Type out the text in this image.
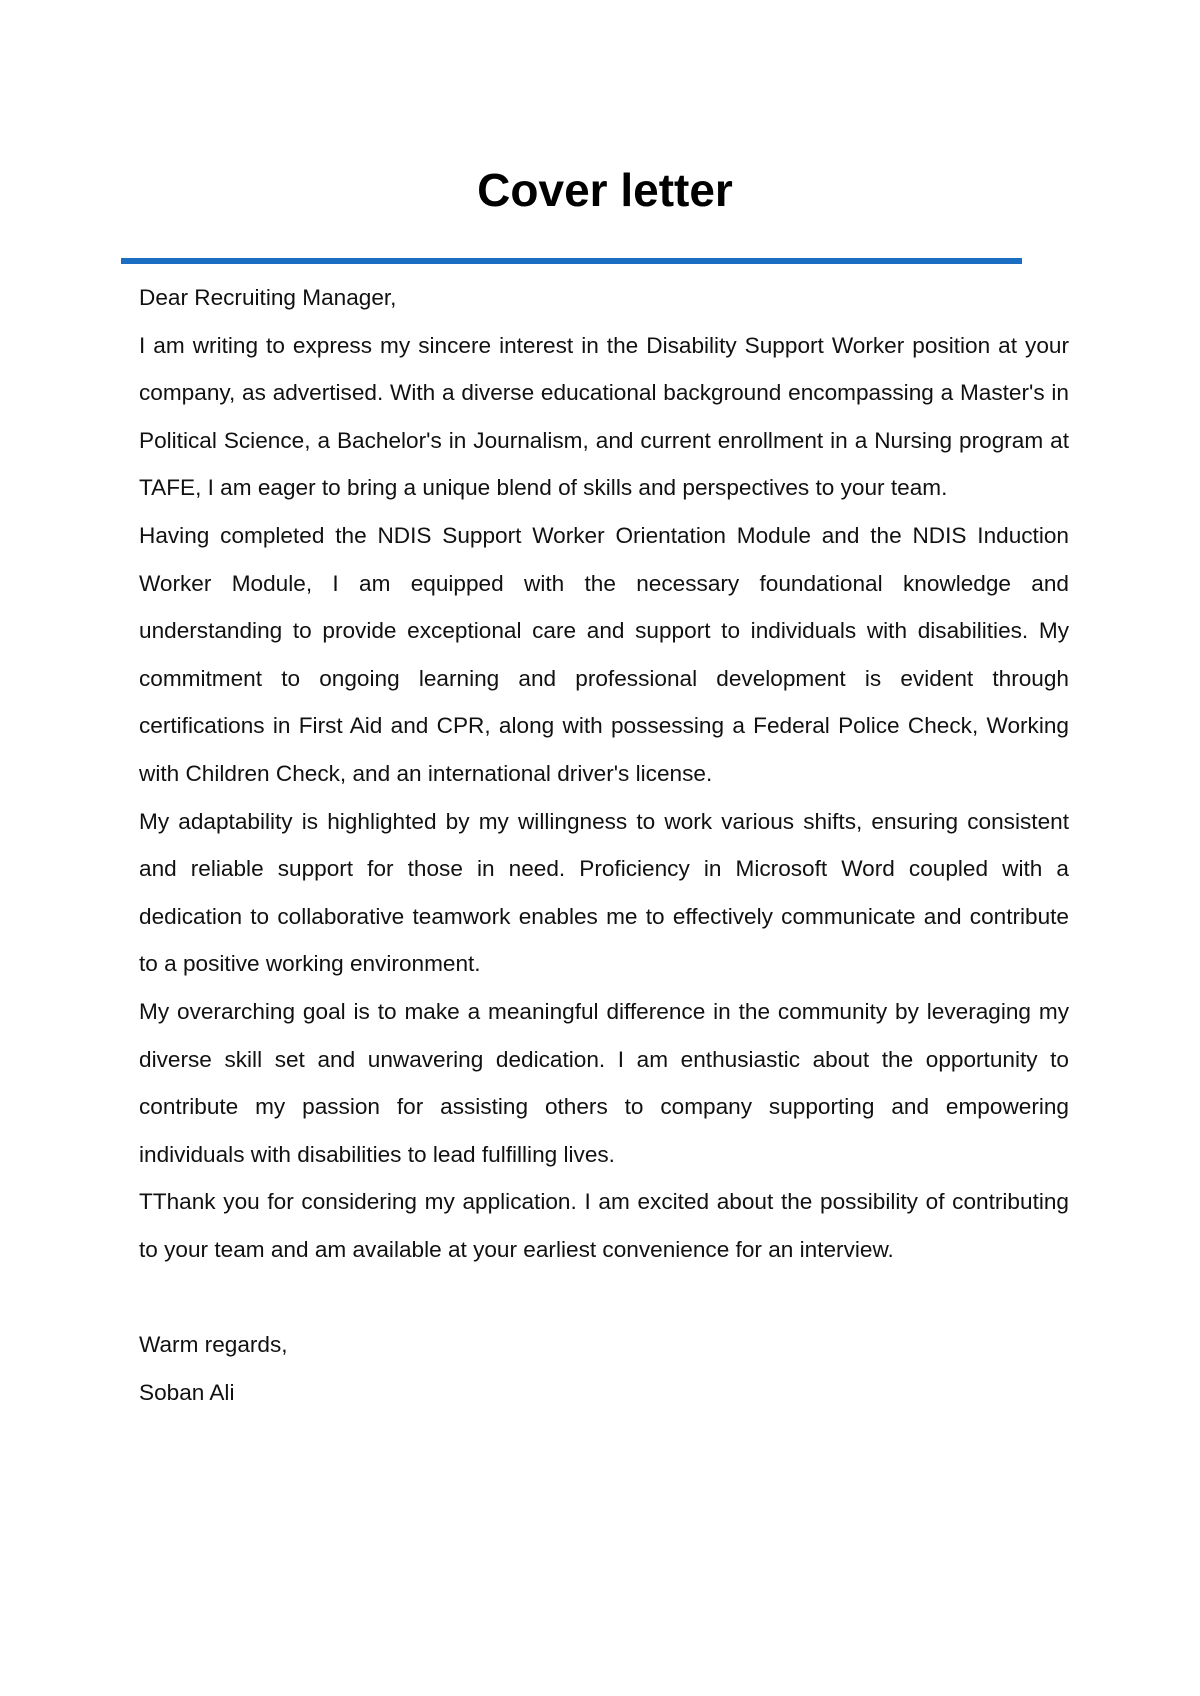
Cover letter

Dear Recruiting Manager,

I am writing to express my sincere interest in the Disability Support Worker position at your company, as advertised. With a diverse educational background encompassing a Master's in Political Science, a Bachelor's in Journalism, and current enrollment in a Nursing program at TAFE, I am eager to bring a unique blend of skills and perspectives to your team.

Having completed the NDIS Support Worker Orientation Module and the NDIS Induction Worker Module, I am equipped with the necessary foundational knowledge and understanding to provide exceptional care and support to individuals with disabilities. My commitment to ongoing learning and professional development is evident through certifications in First Aid and CPR, along with possessing a Federal Police Check, Working with Children Check, and an international driver's license.

My adaptability is highlighted by my willingness to work various shifts, ensuring consistent and reliable support for those in need. Proficiency in Microsoft Word coupled with a dedication to collaborative teamwork enables me to effectively communicate and contribute to a positive working environment.

My overarching goal is to make a meaningful difference in the community by leveraging my diverse skill set and unwavering dedication. I am enthusiastic about the opportunity to contribute my passion for assisting others to company supporting and empowering individuals with disabilities to lead fulfilling lives.

TThank you for considering my application. I am excited about the possibility of contributing to your team and am available at your earliest convenience for an interview.

Warm regards,

Soban Ali
